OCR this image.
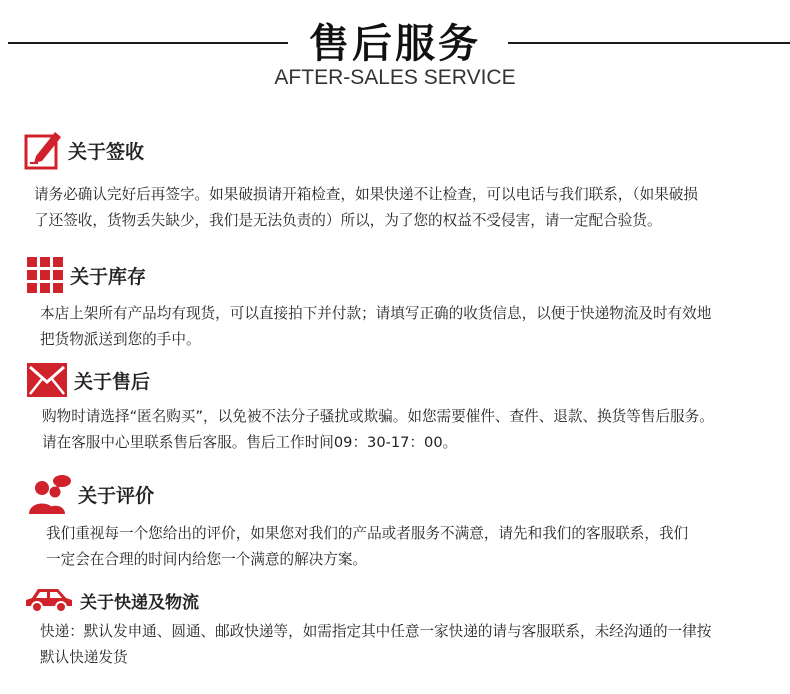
售后服务
AFTER-SALES SERVICE
关于签收
请务必确认完好后再签字。如果破损请开箱检查，如果快递不让检查，可以电话与我们联系，（如果破损
了还签收，货物丢失缺少，我们是无法负责的）所以，为了您的权益不受侵害，请一定配合验货。
关于库存
本店上架所有产品均有现货，可以直接拍下并付款；请填写正确的收货信息，以便于快递物流及时有效地
把货物派送到您的手中。
关于售后
购物时请选择“匿名购买”，以免被不法分子骚扰或欺骗。如您需要催件、查件、退款、换货等售后服务。
请在客服中心里联系售后客服。售后工作时间09：30-17：00。
关于评价
我们重视每一个您给出的评价，如果您对我们的产品或者服务不满意，请先和我们的客服联系，我们
一定会在合理的时间内给您一个满意的解决方案。
关于快递及物流
快递：默认发申通、圆通、邮政快递等，如需指定其中任意一家快递的请与客服联系，未经沟通的一律按
默认快递发货
